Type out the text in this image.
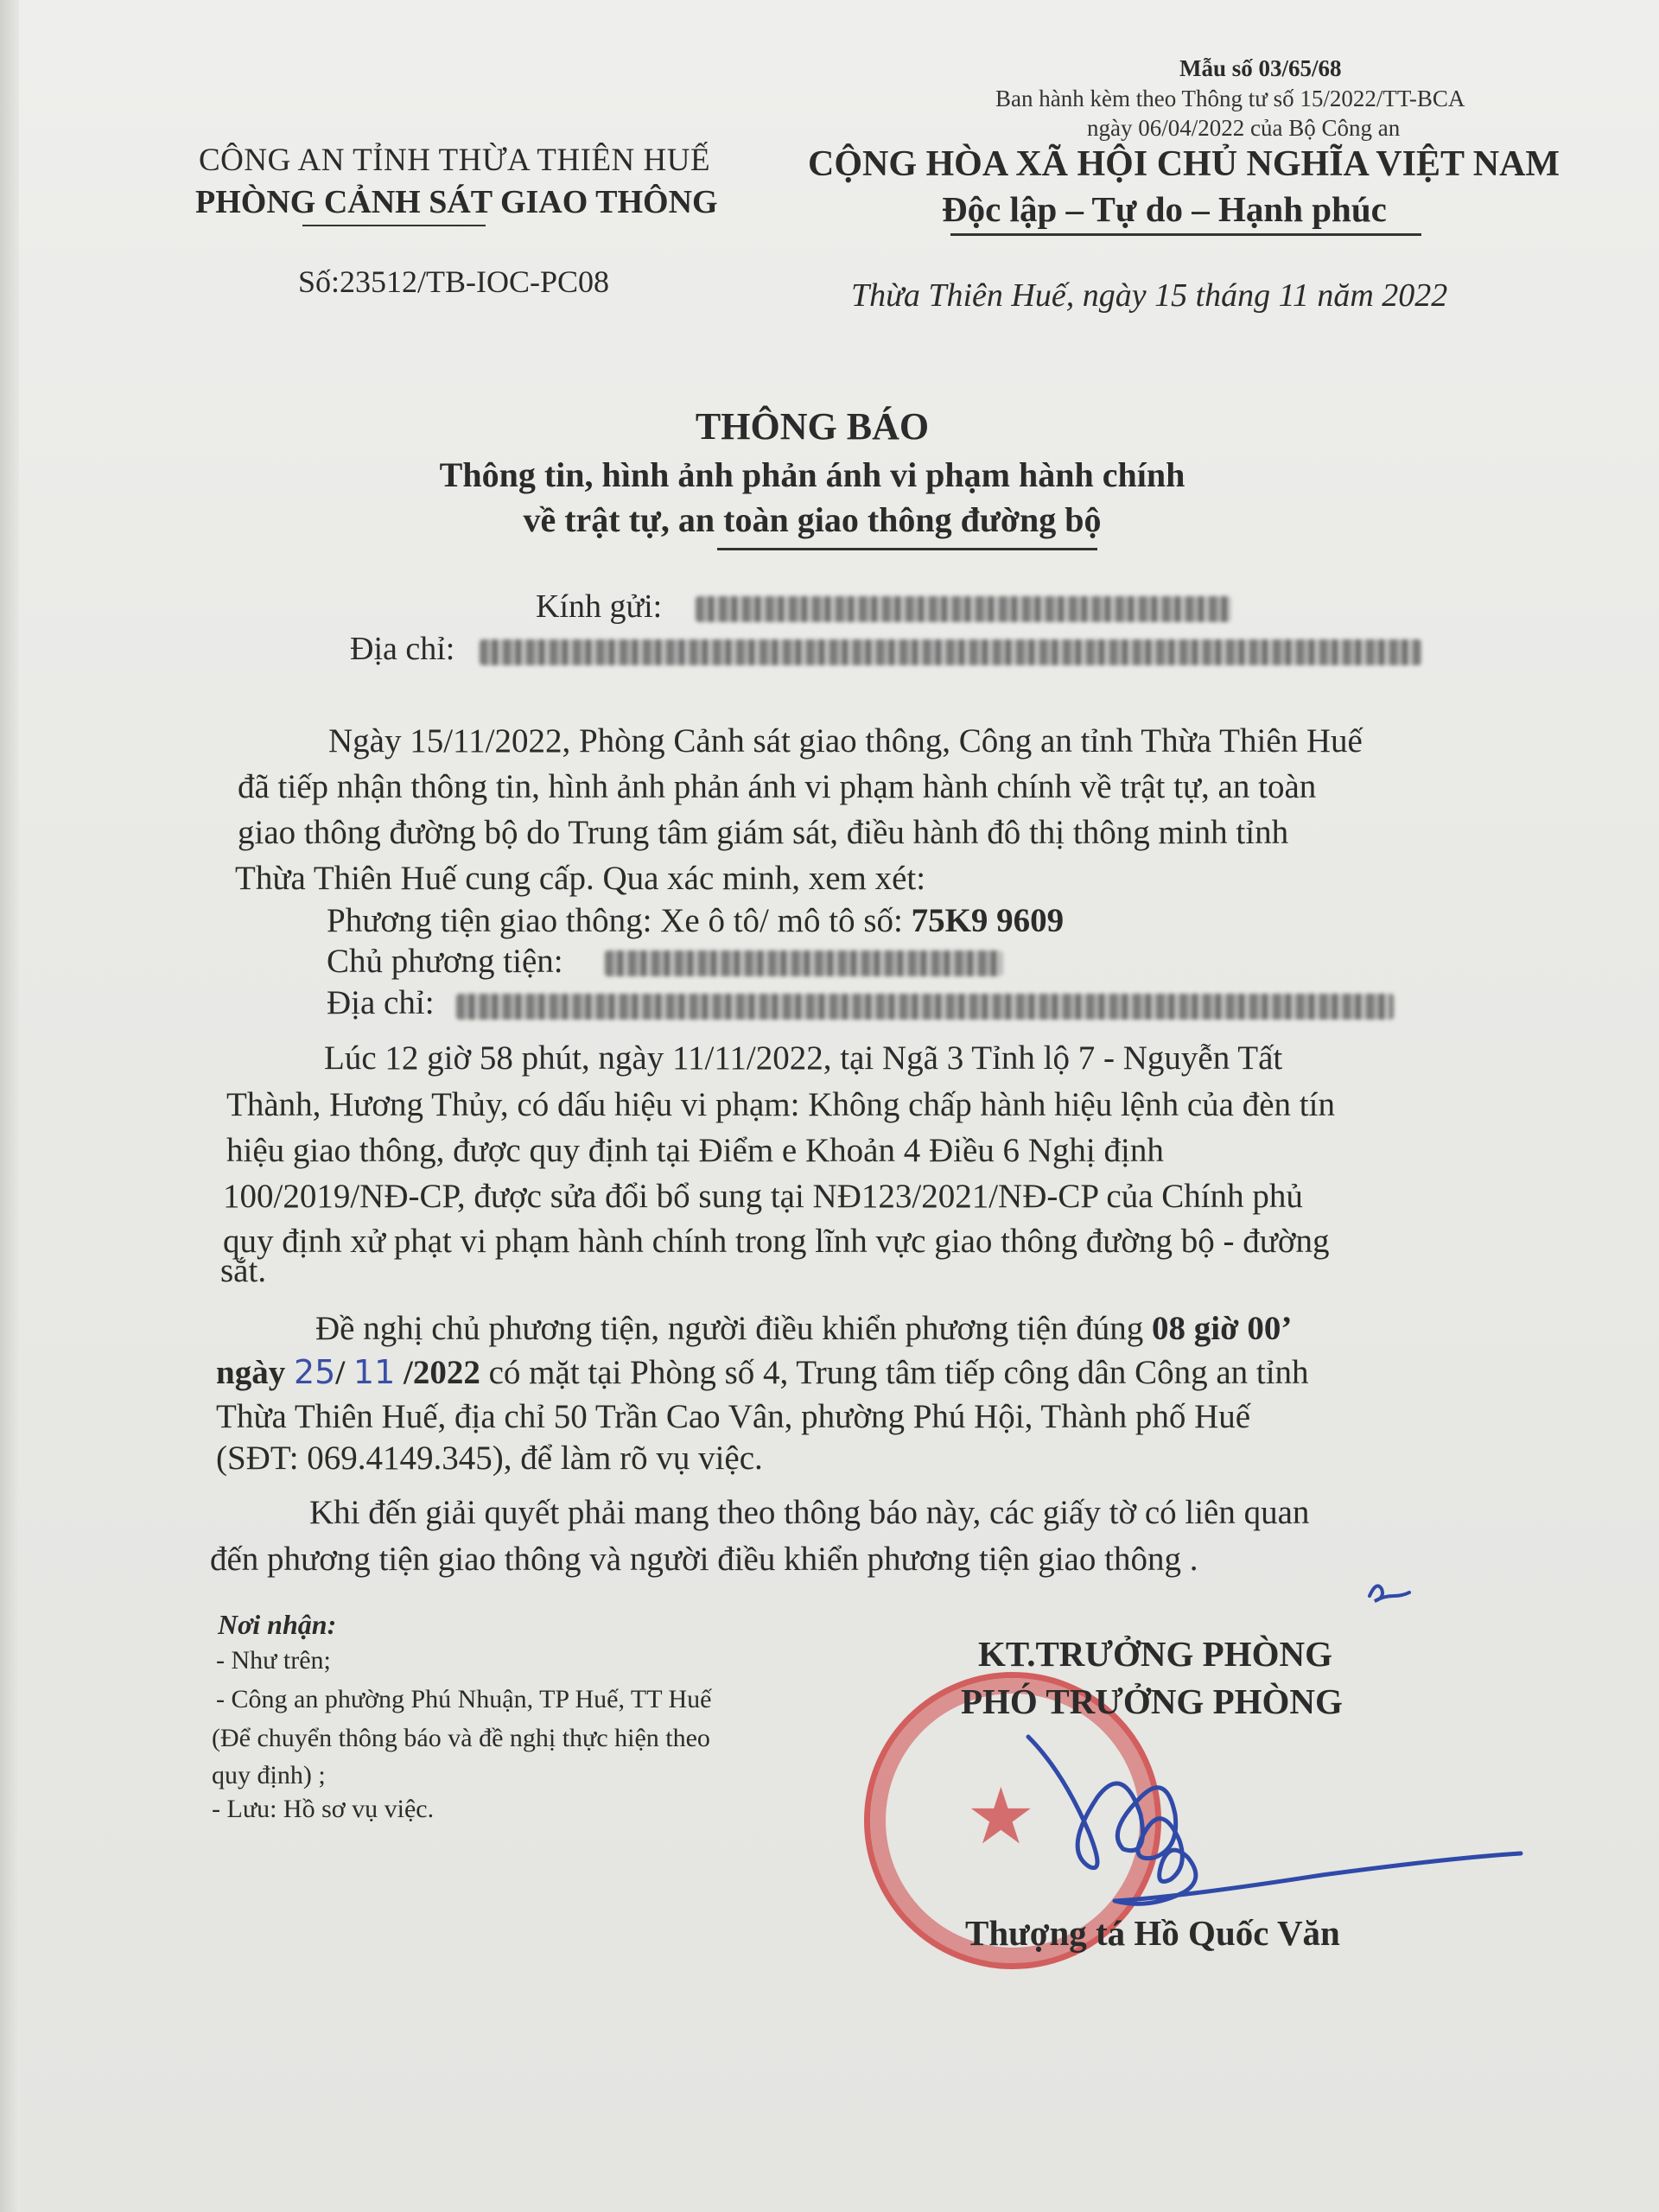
Mẫu số 03/65/68
Ban hành kèm theo Thông tư số 15/2022/TT-BCA
ngày 06/04/2022 của Bộ Công an
CÔNG AN TỈNH THỪA THIÊN HUẾ
PHÒNG CẢNH SÁT GIAO THÔNG
Số:23512/TB-IOC-PC08
CỘNG HÒA XÃ HỘI CHỦ NGHĨA VIỆT NAM
Độc lập – Tự do – Hạnh phúc
Thừa Thiên Huế, ngày 15 tháng 11 năm 2022
THÔNG BÁO
Thông tin, hình ảnh phản ánh vi phạm hành chính
về trật tự, an toàn giao thông đường bộ
Kính gửi:
Địa chỉ:
Ngày 15/11/2022, Phòng Cảnh sát giao thông, Công an tỉnh Thừa Thiên Huế
đã tiếp nhận thông tin, hình ảnh phản ánh vi phạm hành chính về trật tự, an toàn
giao thông đường bộ do Trung tâm giám sát, điều hành đô thị thông minh tỉnh
Thừa Thiên Huế cung cấp. Qua xác minh, xem xét:
Phương tiện giao thông: Xe ô tô/ mô tô số: 75K9 9609
Chủ phương tiện:
Địa chỉ:
Lúc 12 giờ 58 phút, ngày 11/11/2022, tại Ngã 3 Tỉnh lộ 7 - Nguyễn Tất
Thành, Hương Thủy, có dấu hiệu vi phạm: Không chấp hành hiệu lệnh của đèn tín
hiệu giao thông, được quy định tại Điểm e Khoản 4 Điều 6 Nghị định
100/2019/NĐ-CP, được sửa đổi bổ sung tại NĐ123/2021/NĐ-CP của Chính phủ
quy định xử phạt vi phạm hành chính trong lĩnh vực giao thông đường bộ - đường
sắt.
Đề nghị chủ phương tiện, người điều khiển phương tiện đúng 08 giờ 00’
ngày 25/ 11 /2022 có mặt tại Phòng số 4, Trung tâm tiếp công dân Công an tỉnh
Thừa Thiên Huế, địa chỉ 50 Trần Cao Vân, phường Phú Hội, Thành phố Huế
(SĐT: 069.4149.345), để làm rõ vụ việc.
Khi đến giải quyết phải mang theo thông báo này, các giấy tờ có liên quan
đến phương tiện giao thông và người điều khiển phương tiện giao thông .
Nơi nhận:
- Như trên;
- Công an phường Phú Nhuận, TP Huế, TT Huế
(Để chuyển thông báo và đề nghị thực hiện theo
quy định) ;
- Lưu: Hồ sơ vụ việc.	★
KT.TRƯỞNG PHÒNG
PHÓ TRƯỞNG PHÒNG
Thượng tá Hồ Quốc Văn
